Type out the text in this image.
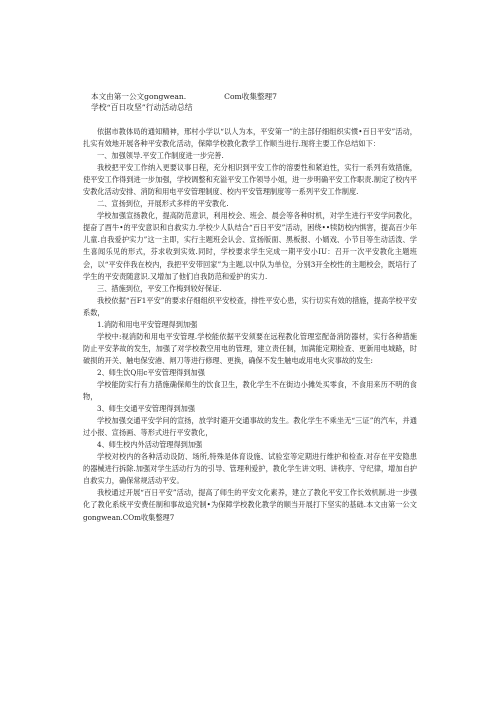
本文由第一公文gongwean.	Com收集整理7
学校“百日攻坚”行动活动总结

依据市教体局的通知精神，邢村小学以“以人为本，平安第一”的主部仔细组织实惯•百日平安”活动，扎实有效地开展各种平安教化活动，保障学校教化教学工作顺当进行.现将主要工作总结如下：

一、加强领导.平安工作制度进一步完善.

我校把平安工作纳入更要议事日程，充分相识到平安工作的溶要性和紧迫性，实行一系列有效措施，使平安工作得到进一步加强，学校调整和充溢平安工作领导小姐，进一步明确平安工作职责.制定了校内平安教化活动安排、消防和用电平安管理制度、校内平安管理制度等一系列平安工作制度.

二、宣扬到位，开展形式多样的平安教化.

学校加强宣扬教化，提高防范意识，利用校会、班会、晨会等各种时机，对学生进行平安学问教化，提奋了酉牛•的平安意识和自救实力.学校少人队结合“百日平安”活动，困绕••犊防校内惧害，提高百少年儿童.自我爱护实力”这一主即，实行主题班会认会、宣扬版面、黑板报、小婿戏、小节目等生动活泼、学生喜闻乐见的形式，芬求收到实效.同时，学校要求学生完成一期平安小IU：召开一次平安教化主题班会，以“平安伴我在校内，我把平安带回家”为主题,以中队为单位，分别3开全校性的主题校会，既培行了学生的平安责随意识.又增加了他们自我防范和爱护的实力.

三、措施到位，平安工作梅到较好保证.

我校依据“百F1平安”的要求仔细组织平安校查，排性平安心患，实行切实有效的措施，提高学校平安系数，

1.消防和用电平安管理得到加强

学校中:视消防和用电平安管理.学校能依据平安须要在远程教化管理室配备消防器材，实行各种措施防止平安茅故的发生，加强了对学校教空用电的管理，建立责任制，加满能定期检查、更新用电城路，时破损的开关、触电保安港、闸刀等进行修理、更换，确保不发生触电或用电火灾事故的发生:

2、师生饮Q用c平安管理得到加强

学校能防实行有力措施确保师生的饮食卫生，教化学生不在街边小摊处买零食，不食用来历不明的食物，

3、师生交通平安管理得到加强

学校加强交通平安学问的宣扬，放学时避开交通事故的发生。教化学生不乘坐无“三证”的汽车，并通过小报、宣扬画、等形式进行平安教化，

4、师生校内外活动管理得到加强

学校对校内的各种活动设防、场所,特殊是体育设施、试验室等定期进行维护和检查.对存在平安隐患的器械进行拆除.加强对学生活动行为的引导、管理利爱护，教化学生讲文明、讲秩序、守纪律，增加自护自救实力，确保常规活动平安。

我校通过开展“百日平安”活动，提高了师生的平安文化素养，建立了教化平安工作长效机制.进一步强化了教化系统平安费任制和事故追究制•为保障学校教化教学的顺当开展打下坚实的基础.本文由第一公文gongwean.COm收集整理7
